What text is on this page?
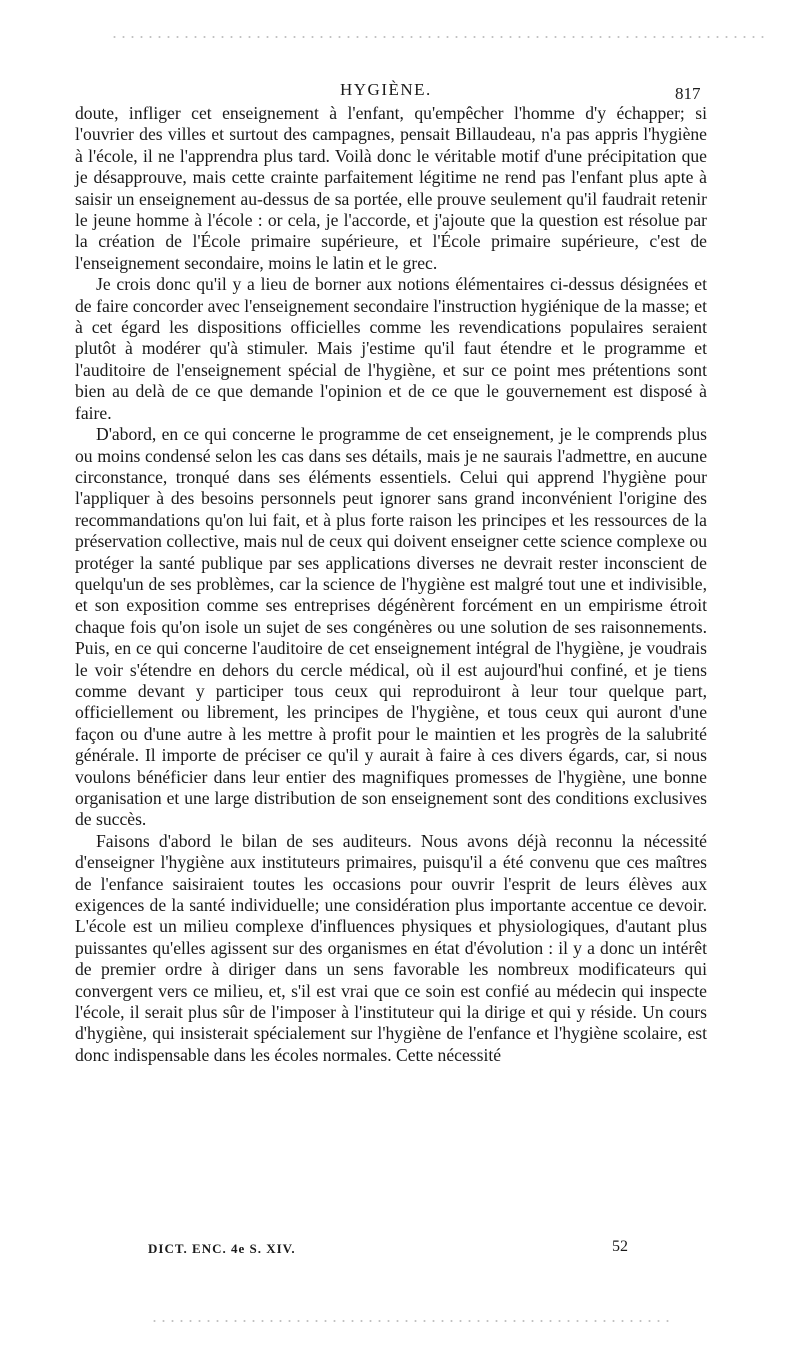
HYGIÈNE.	817

doute, infliger cet enseignement à l'enfant, qu'empêcher l'homme d'y échapper; si l'ouvrier des villes et surtout des campagnes, pensait Billaudeau, n'a pas appris l'hygiène à l'école, il ne l'apprendra plus tard. Voilà donc le véritable motif d'une précipitation que je désapprouve, mais cette crainte parfaitement légitime ne rend pas l'enfant plus apte à saisir un enseignement au-dessus de sa portée, elle prouve seulement qu'il faudrait retenir le jeune homme à l'école : or cela, je l'accorde, et j'ajoute que la question est résolue par la création de l'École primaire supérieure, et l'École primaire supérieure, c'est de l'enseignement secondaire, moins le latin et le grec.

Je crois donc qu'il y a lieu de borner aux notions élémentaires ci-dessus désignées et de faire concorder avec l'enseignement secondaire l'instruction hygiénique de la masse; et à cet égard les dispositions officielles comme les revendications populaires seraient plutôt à modérer qu'à stimuler. Mais j'estime qu'il faut étendre et le programme et l'auditoire de l'enseignement spécial de l'hygiène, et sur ce point mes prétentions sont bien au delà de ce que demande l'opinion et de ce que le gouvernement est disposé à faire.

D'abord, en ce qui concerne le programme de cet enseignement, je le comprends plus ou moins condensé selon les cas dans ses détails, mais je ne saurais l'admettre, en aucune circonstance, tronqué dans ses éléments essentiels. Celui qui apprend l'hygiène pour l'appliquer à des besoins personnels peut ignorer sans grand inconvénient l'origine des recommandations qu'on lui fait, et à plus forte raison les principes et les ressources de la préservation collective, mais nul de ceux qui doivent enseigner cette science complexe ou protéger la santé publique par ses applications diverses ne devrait rester inconscient de quelqu'un de ses problèmes, car la science de l'hygiène est malgré tout une et indivisible, et son exposition comme ses entreprises dégénèrent forcément en un empirisme étroit chaque fois qu'on isole un sujet de ses congénères ou une solution de ses raisonnements. Puis, en ce qui concerne l'auditoire de cet enseignement intégral de l'hygiène, je voudrais le voir s'étendre en dehors du cercle médical, où il est aujourd'hui confiné, et je tiens comme devant y participer tous ceux qui reproduiront à leur tour quelque part, officiellement ou librement, les principes de l'hygiène, et tous ceux qui auront d'une façon ou d'une autre à les mettre à profit pour le maintien et les progrès de la salubrité générale. Il importe de préciser ce qu'il y aurait à faire à ces divers égards, car, si nous voulons bénéficier dans leur entier des magnifiques promesses de l'hygiène, une bonne organisation et une large distribution de son enseignement sont des conditions exclusives de succès.

Faisons d'abord le bilan de ses auditeurs. Nous avons déjà reconnu la nécessité d'enseigner l'hygiène aux instituteurs primaires, puisqu'il a été convenu que ces maîtres de l'enfance saisiraient toutes les occasions pour ouvrir l'esprit de leurs élèves aux exigences de la santé individuelle; une considération plus importante accentue ce devoir. L'école est un milieu complexe d'influences physiques et physiologiques, d'autant plus puissantes qu'elles agissent sur des organismes en état d'évolution : il y a donc un intérêt de premier ordre à diriger dans un sens favorable les nombreux modificateurs qui convergent vers ce milieu, et, s'il est vrai que ce soin est confié au médecin qui inspecte l'école, il serait plus sûr de l'imposer à l'instituteur qui la dirige et qui y réside. Un cours d'hygiène, qui insisterait spécialement sur l'hygiène de l'enfance et l'hygiène scolaire, est donc indispensable dans les écoles normales. Cette nécessité

DICT. ENC. 4e S. XIV.	52
